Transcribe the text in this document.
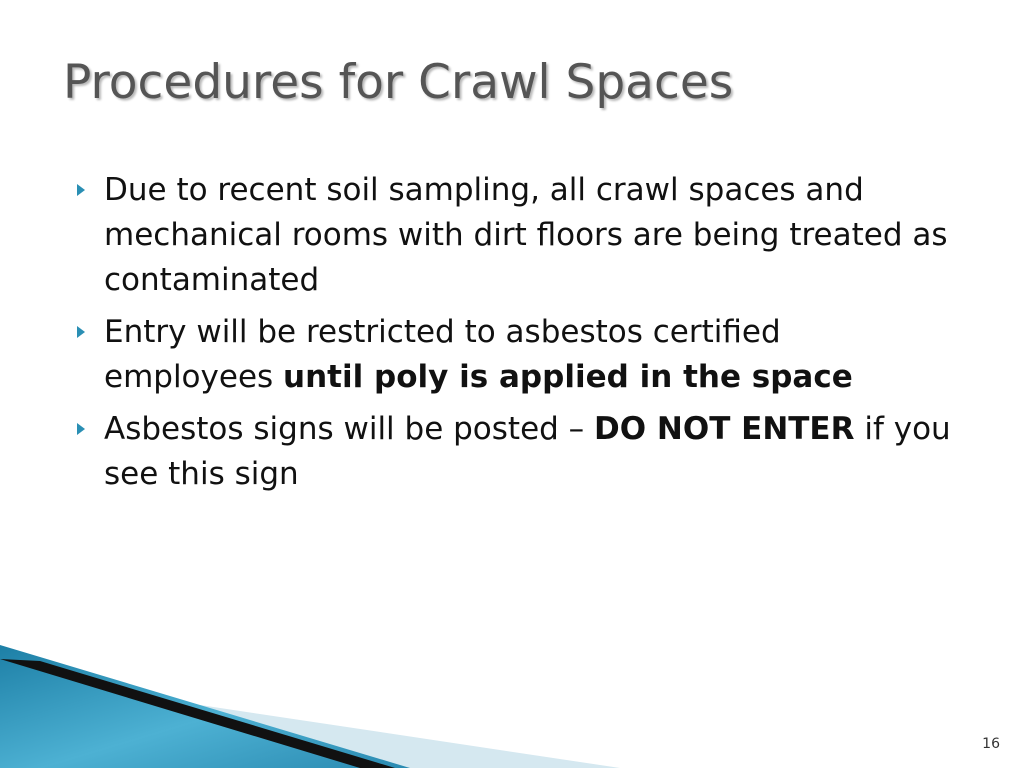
Procedures for Crawl Spaces
Due to recent soil sampling, all crawl spaces and mechanical rooms with dirt floors are being treated as contaminated
Entry will be restricted to asbestos certified employees until poly is applied in the space
Asbestos signs will be posted – DO NOT ENTER if you see this sign
16
